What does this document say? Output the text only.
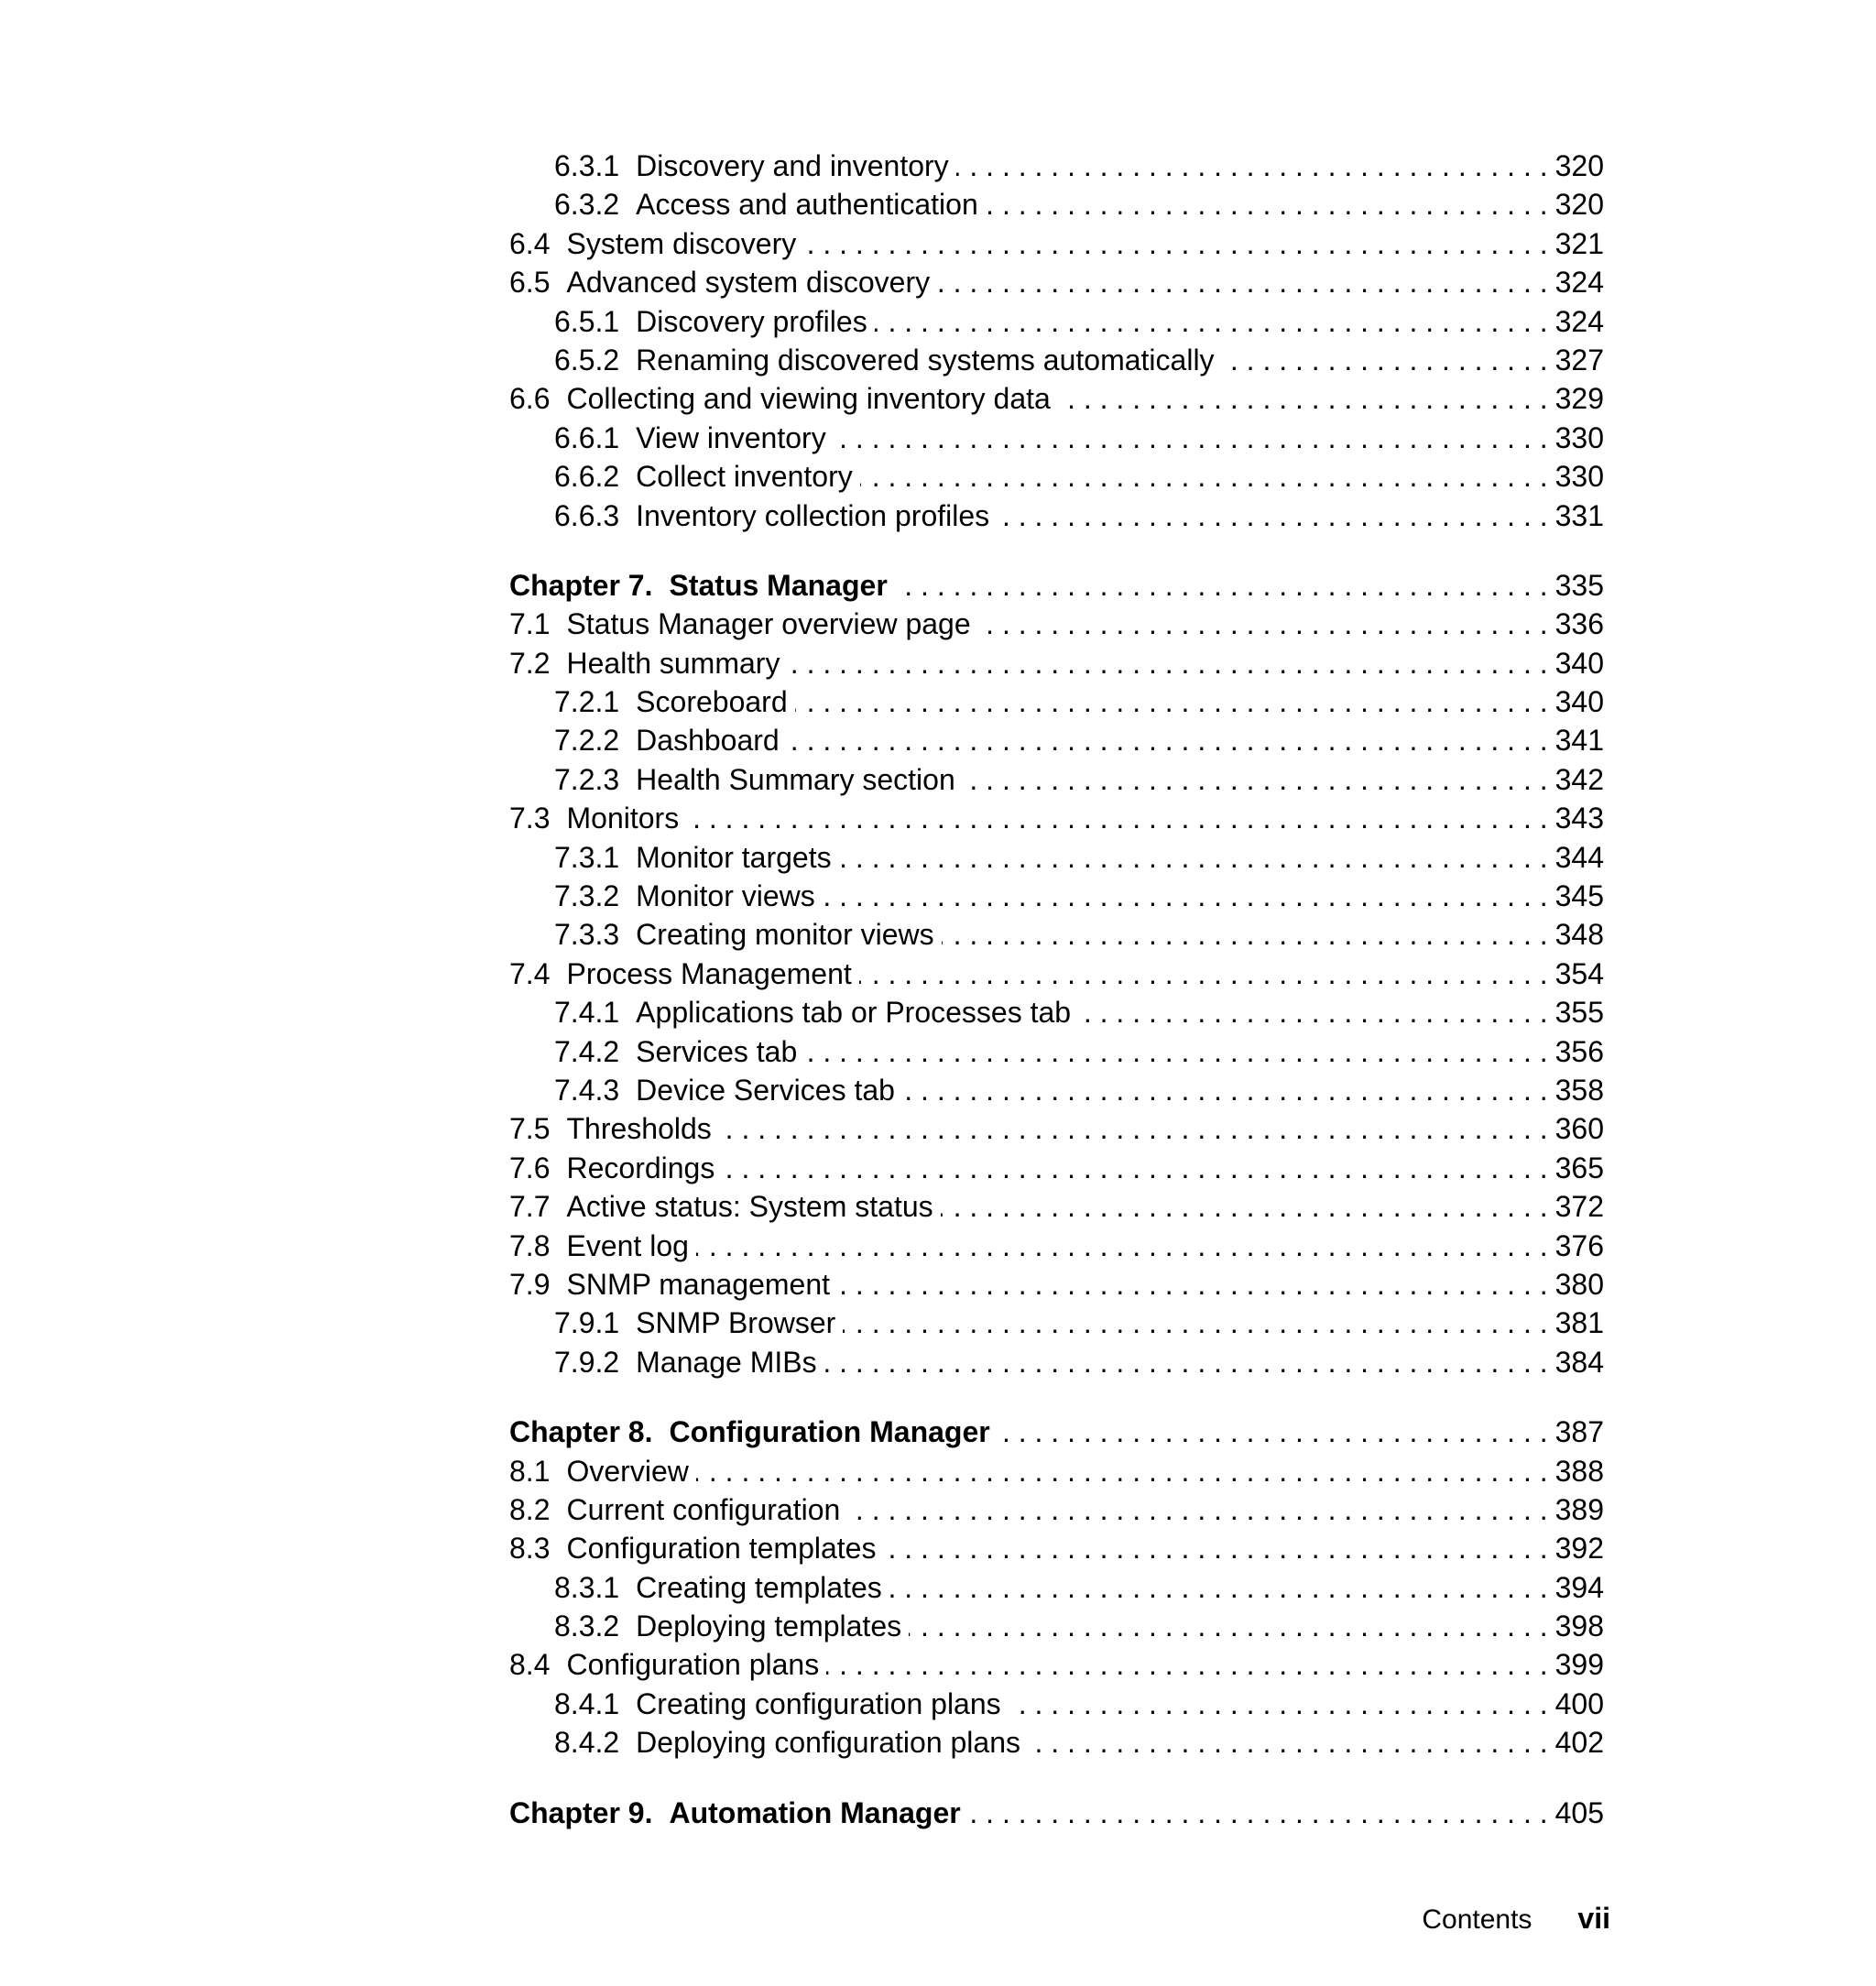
6.3.1 Discovery and inventory . . .	320
6.3.2 Access and authentication . . .	320
6.4 System discovery . . .	321
6.5 Advanced system discovery . . .	324
6.5.1 Discovery profiles . . .	324
6.5.2 Renaming discovered systems automatically . . .	327
6.6 Collecting and viewing inventory data . . .	329
6.6.1 View inventory . . .	330
6.6.2 Collect inventory . . .	330
6.6.3 Inventory collection profiles . . .	331
Chapter 7. Status Manager . . .	335
7.1 Status Manager overview page . . .	336
7.2 Health summary . . .	340
7.2.1 Scoreboard . . .	340
7.2.2 Dashboard . . .	341
7.2.3 Health Summary section . . .	342
7.3 Monitors . . .	343
7.3.1 Monitor targets . . .	344
7.3.2 Monitor views . . .	345
7.3.3 Creating monitor views . . .	348
7.4 Process Management . . .	354
7.4.1 Applications tab or Processes tab . . .	355
7.4.2 Services tab . . .	356
7.4.3 Device Services tab . . .	358
7.5 Thresholds . . .	360
7.6 Recordings . . .	365
7.7 Active status: System status . . .	372
7.8 Event log . . .	376
7.9 SNMP management . . .	380
7.9.1 SNMP Browser . . .	381
7.9.2 Manage MIBs . . .	384
Chapter 8. Configuration Manager . . .	387
8.1 Overview . . .	388
8.2 Current configuration . . .	389
8.3 Configuration templates . . .	392
8.3.1 Creating templates . . .	394
8.3.2 Deploying templates . . .	398
8.4 Configuration plans . . .	399
8.4.1 Creating configuration plans . . .	400
8.4.2 Deploying configuration plans . . .	402
Chapter 9. Automation Manager . . .	405
Contents vii
